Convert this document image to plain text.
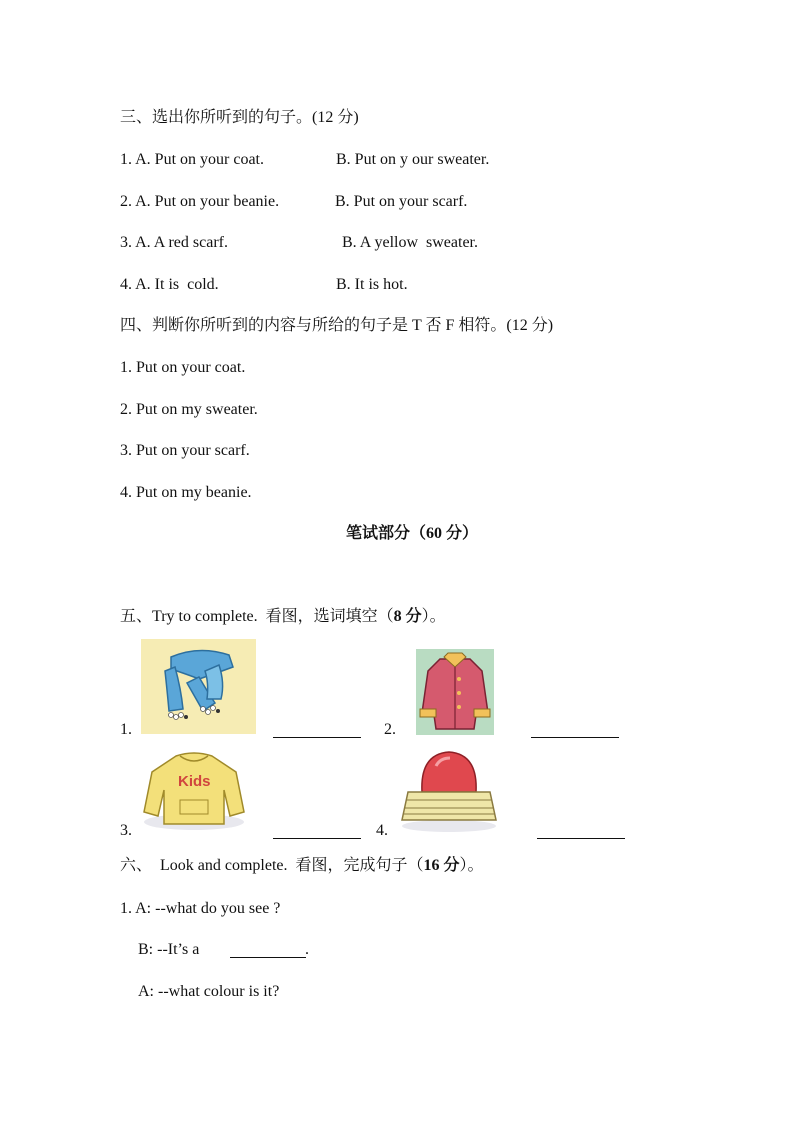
三、选出你所听到的句子。(12 分)
1. A. Put on your coat.	B. Put on y our sweater.
2. A. Put on your beanie.	B. Put on your scarf.
3. A. A red scarf.	B. A yellow  sweater.
4. A. It is  cold.	B. It is hot.
四、判断你所听到的内容与所给的句子是 T 否 F 相符。(12 分)
1. Put on your coat.
2. Put on my sweater.
3. Put on your scarf.
4. Put on my beanie.
笔试部分（60 分）
五、Try to complete.  看图，选词填空（8 分）。
1.	2.
Kids
3.	4.
六、  Look and complete.  看图，完成句子（16 分）。
1. A: --what do you see ?
B: --It’s a	.
A: --what colour is it?
